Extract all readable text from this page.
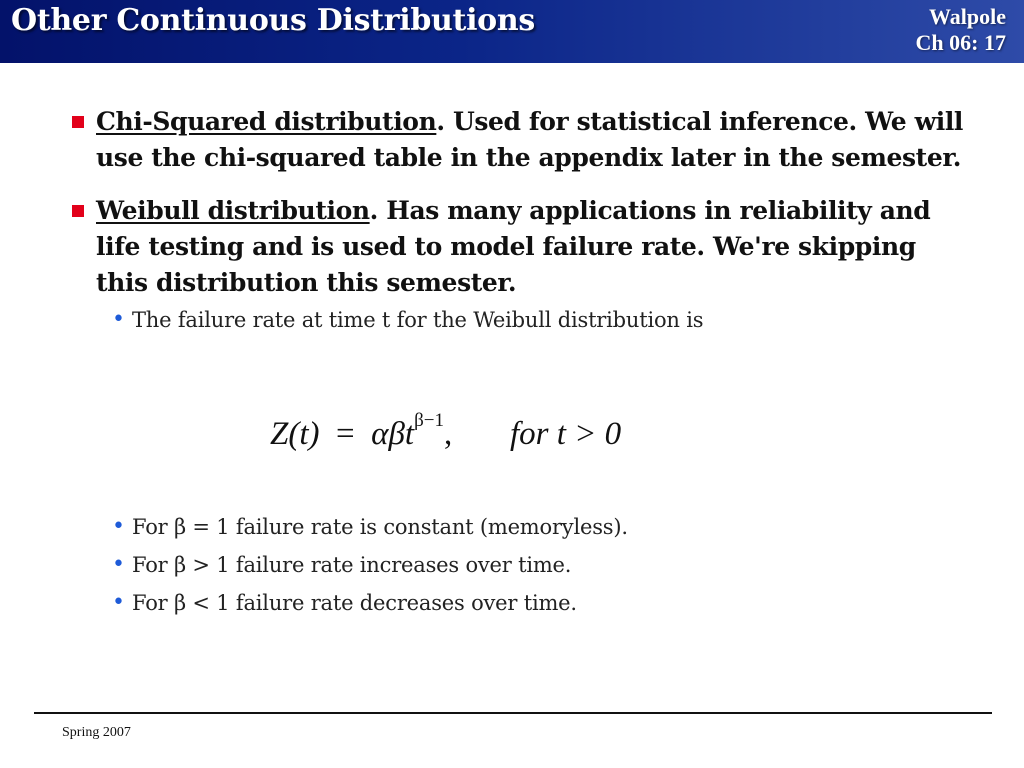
Other Continuous Distributions	Walpole
Ch 06: 17
Chi-Squared distribution. Used for statistical inference. We will use the chi-squared table in the appendix later in the semester.
Weibull distribution. Has many applications in reliability and life testing and is used to model failure rate. We're skipping this distribution this semester.
• The failure rate at time t for the Weibull distribution is
Z(t) = αβt$^{\beta-1}$, for t > 0
• For β = 1 failure rate is constant (memoryless).
• For β > 1 failure rate increases over time.
• For β < 1 failure rate decreases over time.
Spring 2007
